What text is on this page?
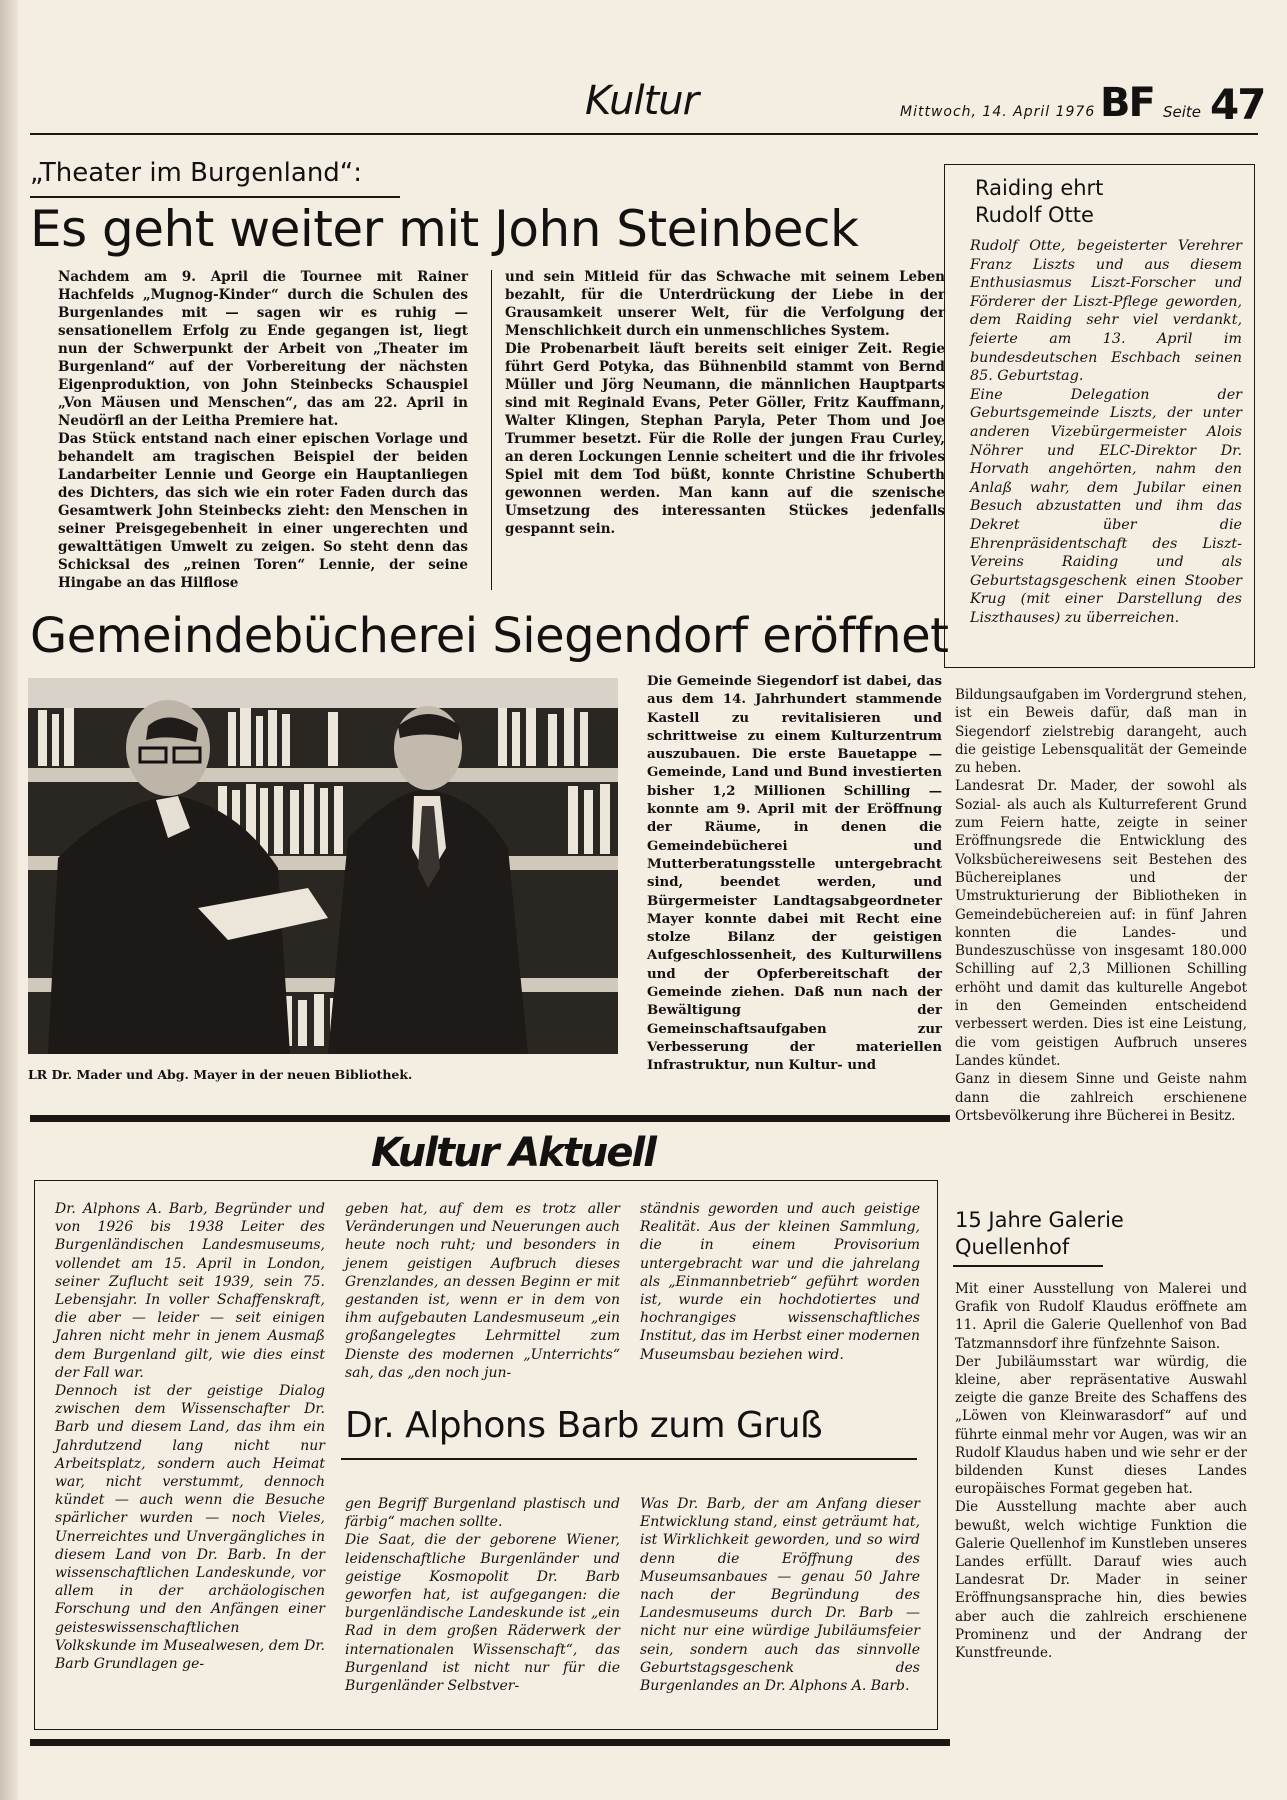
Kultur	Mittwoch, 14. April 1976 BF Seite 47
„Theater im Burgenland“:
Es geht weiter mit John Steinbeck
Nachdem am 9. April die Tournee mit Rainer Hachfelds „Mugnog-Kinder“ durch die Schulen des Burgenlandes mit — sagen wir es ruhig — sensationellem Erfolg zu Ende gegangen ist, liegt nun der Schwerpunkt der Arbeit von „Theater im Burgenland“ auf der Vorbereitung der nächsten Eigenproduktion, von John Steinbecks Schauspiel „Von Mäusen und Menschen“, das am 22. April in Neudörfl an der Leitha Premiere hat.
Das Stück entstand nach einer epischen Vorlage und behandelt am tragischen Beispiel der beiden Landarbeiter Lennie und George ein Hauptanliegen des Dichters, das sich wie ein roter Faden durch das Gesamtwerk John Steinbecks zieht: den Menschen in seiner Preisgegebenheit in einer ungerechten und gewalttätigen Umwelt zu zeigen. So steht denn das Schicksal des „reinen Toren“ Lennie, der seine Hingabe an das Hilflose
und sein Mitleid für das Schwache mit seinem Leben bezahlt, für die Unterdrückung der Liebe in der Grausamkeit unserer Welt, für die Verfolgung der Menschlichkeit durch ein unmenschliches System.
Die Probenarbeit läuft bereits seit einiger Zeit. Regie führt Gerd Potyka, das Bühnenbild stammt von Bernd Müller und Jörg Neumann, die männlichen Hauptparts sind mit Reginald Evans, Peter Göller, Fritz Kauffmann, Walter Klingen, Stephan Paryla, Peter Thom und Joe Trummer besetzt. Für die Rolle der jungen Frau Curley, an deren Lockungen Lennie scheitert und die ihr frivoles Spiel mit dem Tod büßt, konnte Christine Schuberth gewonnen werden. Man kann auf die szenische Umsetzung des interessanten Stückes jedenfalls gespannt sein.
Raiding ehrt
Rudolf Otte
Rudolf Otte, begeisterter Verehrer Franz Liszts und aus diesem Enthusiasmus Liszt-Forscher und Förderer der Liszt-Pflege geworden, dem Raiding sehr viel verdankt, feierte am 13. April im bundesdeutschen Eschbach seinen 85. Geburtstag.
Eine Delegation der Geburtsgemeinde Liszts, der unter anderen Vizebürgermeister Alois Nöhrer und ELC-Direktor Dr. Horvath angehörten, nahm den Anlaß wahr, dem Jubilar einen Besuch abzustatten und ihm das Dekret über die Ehrenpräsidentschaft des Liszt-Vereins Raiding und als Geburtstagsgeschenk einen Stoober Krug (mit einer Darstellung des Liszthauses) zu überreichen.
Gemeindebücherei Siegendorf eröffnet
LR Dr. Mader und Abg. Mayer in der neuen Bibliothek.
Die Gemeinde Siegendorf ist dabei, das aus dem 14. Jahrhundert stammende Kastell zu revitalisieren und schrittweise zu einem Kulturzentrum auszubauen. Die erste Bauetappe — Gemeinde, Land und Bund investierten bisher 1,2 Millionen Schilling — konnte am 9. April mit der Eröffnung der Räume, in denen die Gemeindebücherei und Mutterberatungsstelle untergebracht sind, beendet werden, und Bürgermeister Landtagsabgeordneter Mayer konnte dabei mit Recht eine stolze Bilanz der geistigen Aufgeschlossenheit, des Kulturwillens und der Opferbereitschaft der Gemeinde ziehen. Daß nun nach der Bewältigung der Gemeinschaftsaufgaben zur Verbesserung der materiellen Infrastruktur, nun Kultur- und
Bildungsaufgaben im Vordergrund stehen, ist ein Beweis dafür, daß man in Siegendorf zielstrebig darangeht, auch die geistige Lebensqualität der Gemeinde zu heben.
Landesrat Dr. Mader, der sowohl als Sozial- als auch als Kulturreferent Grund zum Feiern hatte, zeigte in seiner Eröffnungsrede die Entwicklung des Volksbüchereiwesens seit Bestehen des Büchereiplanes und der Umstrukturierung der Bibliotheken in Gemeindebüchereien auf: in fünf Jahren konnten die Landes- und Bundeszuschüsse von insgesamt 180.000 Schilling auf 2,3 Millionen Schilling erhöht und damit das kulturelle Angebot in den Gemeinden entscheidend verbessert werden. Dies ist eine Leistung, die vom geistigen Aufbruch unseres Landes kündet.
Ganz in diesem Sinne und Geiste nahm dann die zahlreich erschienene Ortsbevölkerung ihre Bücherei in Besitz.
Kultur Aktuell
Dr. Alphons A. Barb, Begründer und von 1926 bis 1938 Leiter des Burgenländischen Landesmuseums, vollendet am 15. April in London, seiner Zuflucht seit 1939, sein 75. Lebensjahr. In voller Schaffenskraft, die aber — leider — seit einigen Jahren nicht mehr in jenem Ausmaß dem Burgenland gilt, wie dies einst der Fall war.
Dennoch ist der geistige Dialog zwischen dem Wissenschafter Dr. Barb und diesem Land, das ihm ein Jahrdutzend lang nicht nur Arbeitsplatz, sondern auch Heimat war, nicht verstummt, dennoch kündet — auch wenn die Besuche spärlicher wurden — noch Vieles, Unerreichtes und Unvergängliches in diesem Land von Dr. Barb. In der wissenschaftlichen Landeskunde, vor allem in der archäologischen Forschung und den Anfängen einer geisteswissenschaftlichen Volkskunde im Musealwesen, dem Dr. Barb Grundlagen ge-
geben hat, auf dem es trotz aller Veränderungen und Neuerungen auch heute noch ruht; und besonders in jenem geistigen Aufbruch dieses Grenzlandes, an dessen Beginn er mit gestanden ist, wenn er in dem von ihm aufgebauten Landesmuseum „ein großangelegtes Lehrmittel zum Dienste des modernen „Unterrichts“ sah, das „den noch jun-
ständnis geworden und auch geistige Realität. Aus der kleinen Sammlung, die in einem Provisorium untergebracht war und die jahrelang als „Einmannbetrieb“ geführt worden ist, wurde ein hochdotiertes und hochrangiges wissenschaftliches Institut, das im Herbst einer modernen Museumsbau beziehen wird.
Dr. Alphons Barb zum Gruß
gen Begriff Burgenland plastisch und färbig“ machen sollte.
Die Saat, die der geborene Wiener, leidenschaftliche Burgenländer und geistige Kosmopolit Dr. Barb geworfen hat, ist aufgegangen: die burgenländische Landeskunde ist „ein Rad in dem großen Räderwerk der internationalen Wissenschaft“, das Burgenland ist nicht nur für die Burgenländer Selbstver-
Was Dr. Barb, der am Anfang dieser Entwicklung stand, einst geträumt hat, ist Wirklichkeit geworden, und so wird denn die Eröffnung des Museumsanbaues — genau 50 Jahre nach der Begründung des Landesmuseums durch Dr. Barb — nicht nur eine würdige Jubiläumsfeier sein, sondern auch das sinnvolle Geburtstagsgeschenk des Burgenlandes an Dr. Alphons A. Barb.
15 Jahre Galerie
Quellenhof
Mit einer Ausstellung von Malerei und Grafik von Rudolf Klaudus eröffnete am 11. April die Galerie Quellenhof von Bad Tatzmannsdorf ihre fünfzehnte Saison.
Der Jubiläumsstart war würdig, die kleine, aber repräsentative Auswahl zeigte die ganze Breite des Schaffens des „Löwen von Kleinwarasdorf“ auf und führte einmal mehr vor Augen, was wir an Rudolf Klaudus haben und wie sehr er der bildenden Kunst dieses Landes europäisches Format gegeben hat.
Die Ausstellung machte aber auch bewußt, welch wichtige Funktion die Galerie Quellenhof im Kunstleben unseres Landes erfüllt. Darauf wies auch Landesrat Dr. Mader in seiner Eröffnungsansprache hin, dies bewies aber auch die zahlreich erschienene Prominenz und der Andrang der Kunstfreunde.
